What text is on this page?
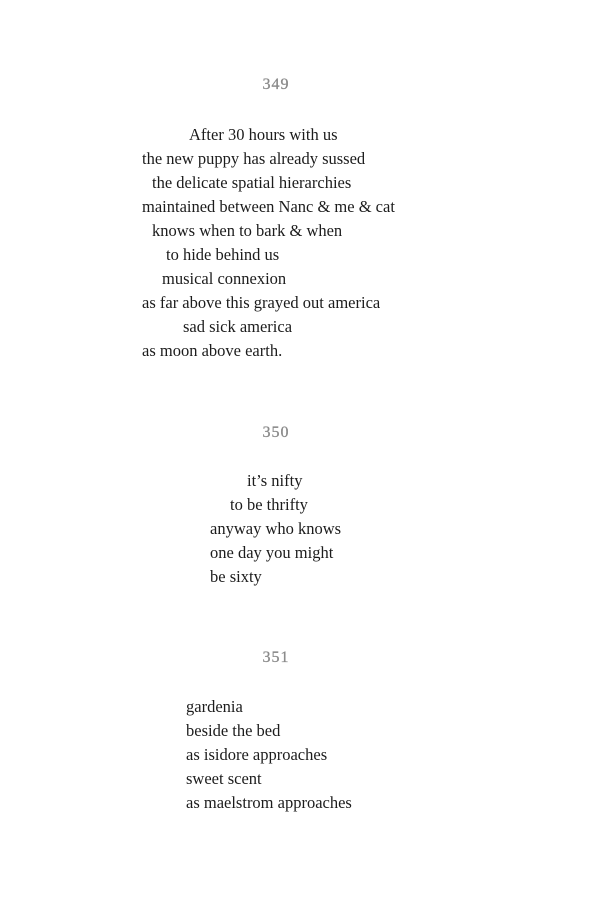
349
After 30 hours with us
the new puppy has already sussed
the delicate spatial hierarchies
maintained between Nanc & me & cat
knows when to bark & when
to hide behind us
musical connexion
as far above this grayed out america
sad sick america
as moon above earth.
350
it’s nifty
to be thrifty
anyway who knows
one day you might
be sixty
351
gardenia
beside the bed
as isidore approaches
sweet scent
as maelstrom approaches
